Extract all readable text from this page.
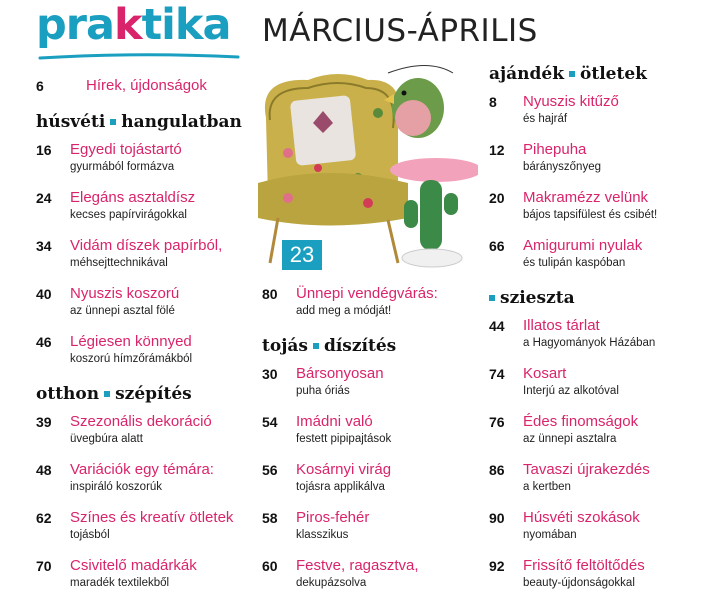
praktika MÁRCIUS-ÁPRILIS
23
6	Hírek, újdonságok
húsvéti hangulatban
16 Egyedi tojástartó
gyurmából formázva
24 Elegáns asztaldísz
kecses papírvirágokkal
34 Vidám díszek papírból,
méhsejttechnikával
40 Nyuszis koszorú
az ünnepi asztal fölé
46 Légiesen könnyed
koszorú hímzőrámákból
otthon szépítés
39 Szezonális dekoráció
üvegbúra alatt
48 Variációk egy témára:
inspiráló koszorúk
62 Színes és kreatív ötletek
tojásból
70 Csivitelő madárkák
maradék textilekből
80 Ünnepi vendégvárás:
add meg a módját!
tojás díszítés
30 Bársonyosan
puha óriás
54 Imádni való
festett pipipajtások
56 Kosárnyi virág
tojásra applikálva
58 Piros-fehér
klasszikus
60 Festve, ragasztva,
dekupázsolva
ajándék ötletek
8 Nyuszis kitűző
és hajráf
12 Pihepuha
bárányszőnyeg
20 Makramézz velünk
bájos tapsifülest és csibét!
66 Amigurumi nyulak
és tulipán kaspóban
sziesztа
44 Illatos tárlat
a Hagyományok Házában
74 Kosart
Interjú az alkotóval
76 Édes finomságok
az ünnepi asztalra
86 Tavaszi újrakezdés
a kertben
90 Húsvéti szokások
nyomában
92 Frissítő feltöltődés
beauty-újdonságokkal
